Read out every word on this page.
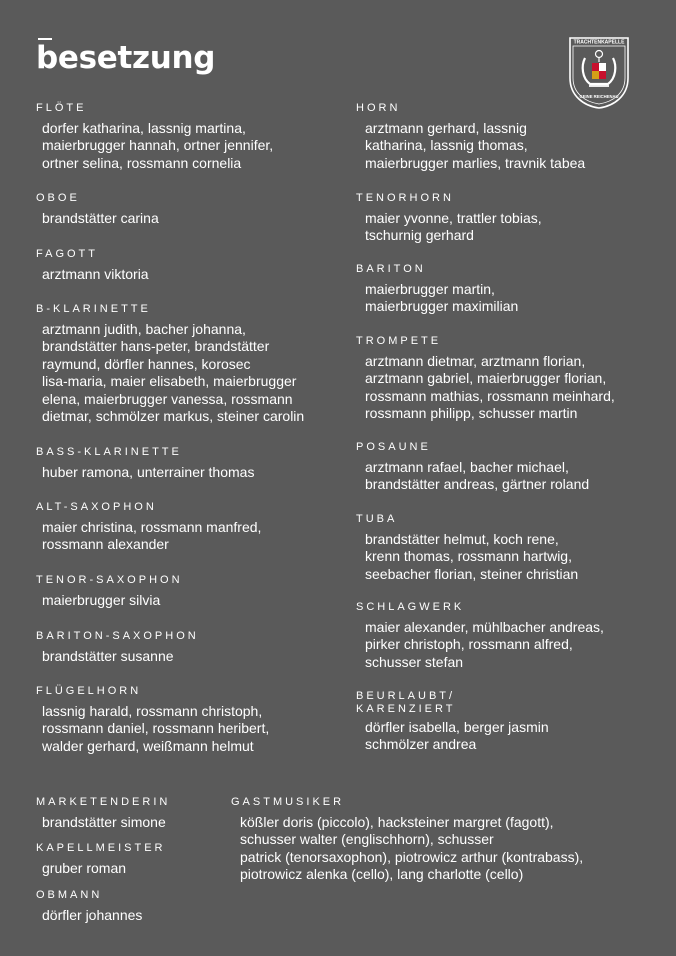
besetzung	TRACHTENKAPELLE
GEINE REICHENAU
FLÖTE
dorfer katharina, lassnig martina,
maierbrugger hannah, ortner jennifer,
ortner selina, rossmann cornelia
OBOE
brandstätter carina
FAGOTT
arztmann viktoria
B-KLARINETTE
arztmann judith, bacher johanna,
brandstätter hans-peter, brandstätter
raymund, dörfler hannes, korosec
lisa-maria, maier elisabeth, maierbrugger
elena, maierbrugger vanessa, rossmann
dietmar, schmölzer markus, steiner carolin
BASS-KLARINETTE
huber ramona, unterrainer thomas
ALT-SAXOPHON
maier christina, rossmann manfred,
rossmann alexander
TENOR-SAXOPHON
maierbrugger silvia
BARITON-SAXOPHON
brandstätter susanne
FLÜGELHORN
lassnig harald, rossmann christoph,
rossmann daniel, rossmann heribert,
walder gerhard, weißmann helmut
HORN
arztmann gerhard, lassnig
katharina, lassnig thomas,
maierbrugger marlies, travnik tabea
TENORHORN
maier yvonne, trattler tobias,
tschurnig gerhard
BARITON
maierbrugger martin,
maierbrugger maximilian
TROMPETE
arztmann dietmar, arztmann florian,
arztmann gabriel, maierbrugger florian,
rossmann mathias, rossmann meinhard,
rossmann philipp, schusser martin
POSAUNE
arztmann rafael, bacher michael,
brandstätter andreas, gärtner roland
TUBA
brandstätter helmut, koch rene,
krenn thomas, rossmann hartwig,
seebacher florian, steiner christian
SCHLAGWERK
maier alexander, mühlbacher andreas,
pirker christoph, rossmann alfred,
schusser stefan
BEURLAUBT/
KARENZIERT
dörfler isabella, berger jasmin
schmölzer andrea
MARKETENDERIN
brandstätter simone
KAPELLMEISTER
gruber roman
OBMANN
dörfler johannes
GASTMUSIKER
kößler doris (piccolo), hacksteiner margret (fagott),
schusser walter (englischhorn), schusser
patrick (tenorsaxophon), piotrowicz arthur (kontrabass),
piotrowicz alenka (cello), lang charlotte (cello)
